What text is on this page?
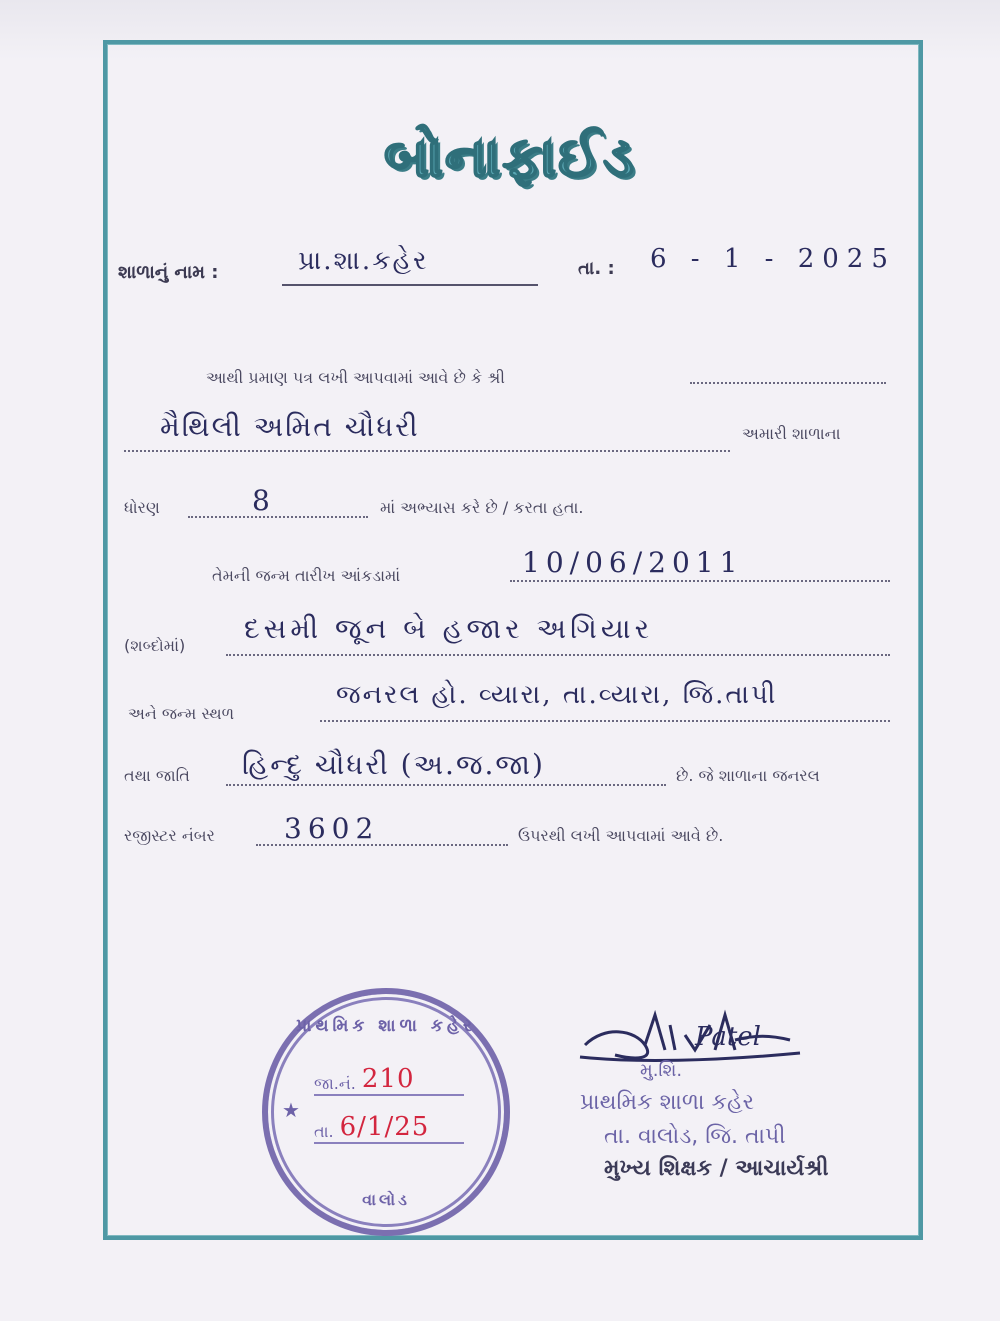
બોનાફાઈડ
શાળાનું નામ :	પ્રા.શા.કહેર	તા. : 6 - 1 - 2025
આથી પ્રમાણ પત્ર લખી આપવામાં આવે છે કે શ્રી
મૈથિલી અમિત ચૌધરી	અમારી શાળાના
ધોરણ	8	માં અભ્યાસ કરે છે / કરતા હતા.
તેમની જન્મ તારીખ આંકડામાં	10/06/2011
(શબ્દોમાં)
દસમી જૂન બે હજાર અગિયાર
અને જન્મ સ્થળ
જનરલ હો. વ્યારા, તા.વ્યારા, જિ.તાપી
તથા જાતિ હિન્દુ ચૌધરી (અ.જ.જા)	છે. જે શાળાના જનરલ
રજીસ્ટર નંબર 3602	ઉપરથી લખી આપવામાં આવે છે.
પ્રાથમિક શાળા કહેર
★
જા.નં. 210
તા. 6/1/25
વાલોડ
Patel
મુ.શિ.
પ્રાથમિક શાળા કહેર
તા. વાલોડ, જિ. તાપી
મુખ્ય શિક્ષક / આચાર્યશ્રી
